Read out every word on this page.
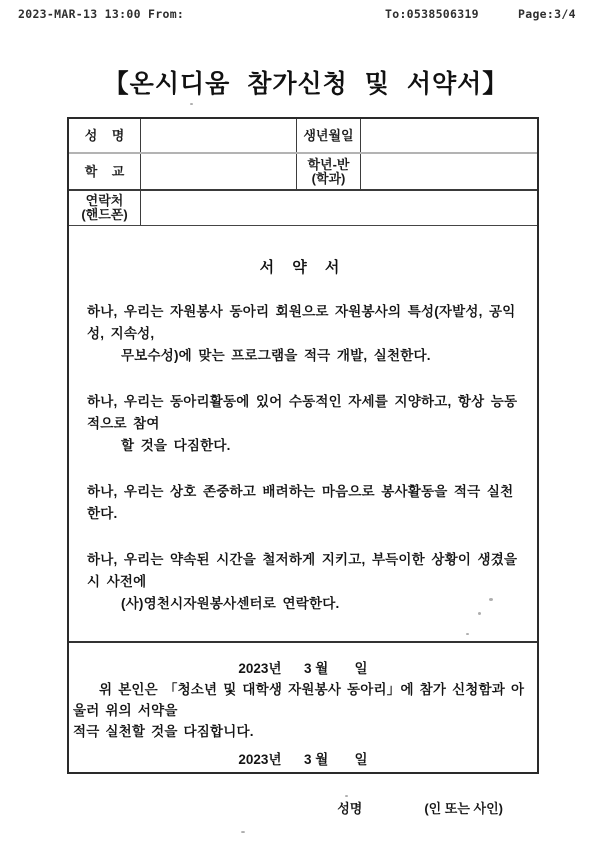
2023-MAR-13 13:00 From:	To:0538506319	Page:3/4
【온시디움 참가신청 및 서약서】
성    명	생년월일
학    교	학년-반
(학과)
연락처
(핸드폰)
서 약 서
하나, 우리는 자원봉사 동아리 회원으로 자원봉사의 특성(자발성, 공익성, 지속성,
무보수성)에 맞는 프로그램을 적극 개발, 실천한다.
하나, 우리는 동아리활동에 있어 수동적인 자세를 지양하고, 항상 능동적으로 참여
할 것을 다짐한다.
하나, 우리는 상호 존중하고 배려하는 마음으로 봉사활동을 적극 실천한다.
하나, 우리는 약속된 시간을 철저하게 지키고, 부득이한 상황이 생겼을 시 사전에
(사)영천시자원봉사센터로 연락한다.
2023년      3 월       일
위 본인은 「청소년 및 대학생 자원봉사 동아리」에 참가 신청함과 아울러 위의 서약을
적극 실천할 것을 다짐합니다.
2023년      3 월       일

성명	(인 또는 사인)
